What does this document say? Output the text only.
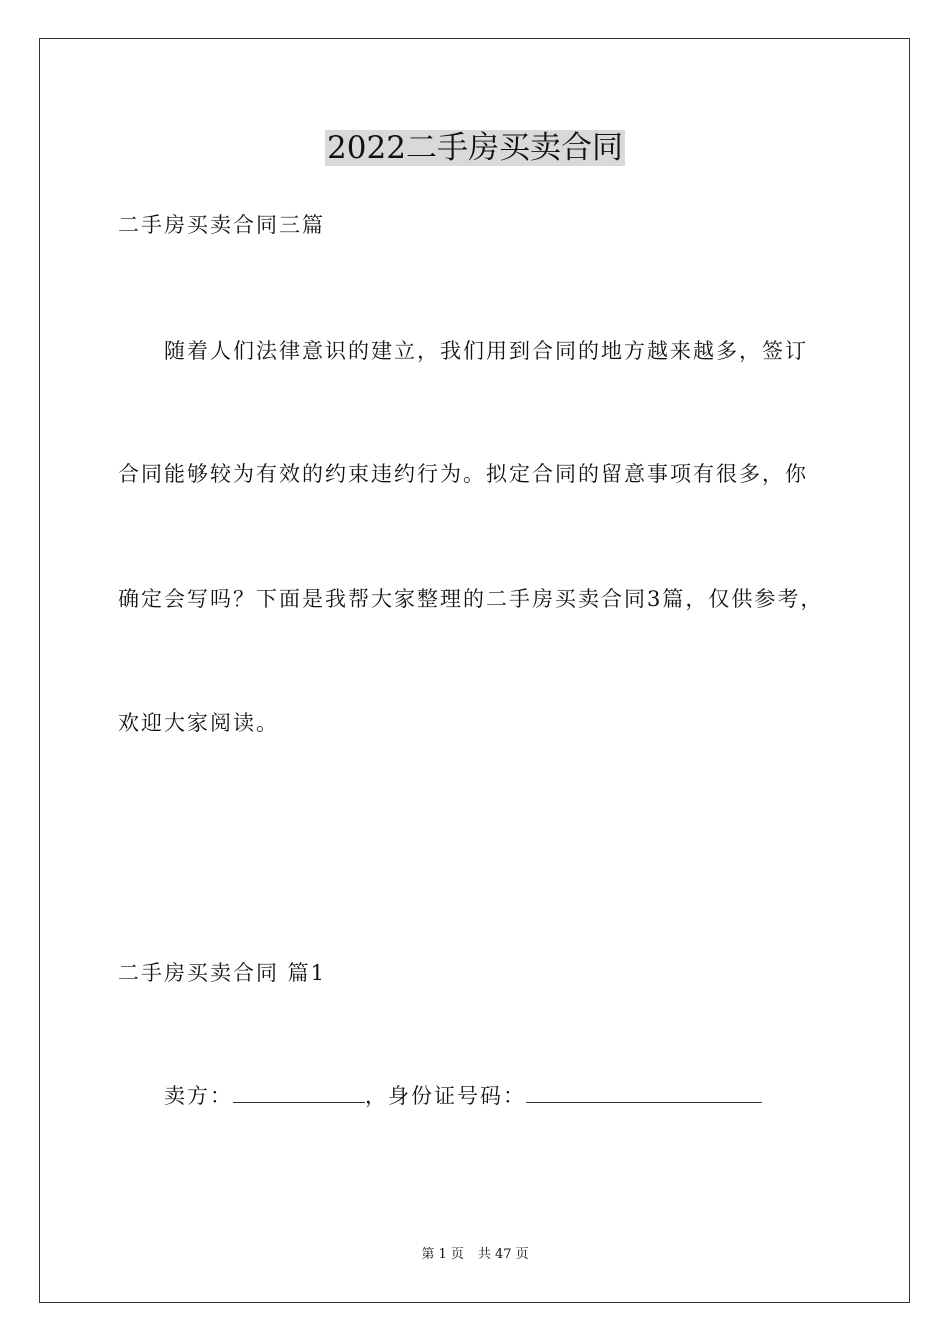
2022二手房买卖合同
二手房买卖合同三篇
随着人们法律意识的建立，我们用到合同的地方越来越多，签订
合同能够较为有效的约束违约行为。拟定合同的留意事项有很多，你
确定会写吗？下面是我帮大家整理的二手房买卖合同3篇，仅供参考，
欢迎大家阅读。
二手房买卖合同 篇1
卖方：	，身份证号码：
第 1 页 共 47 页
